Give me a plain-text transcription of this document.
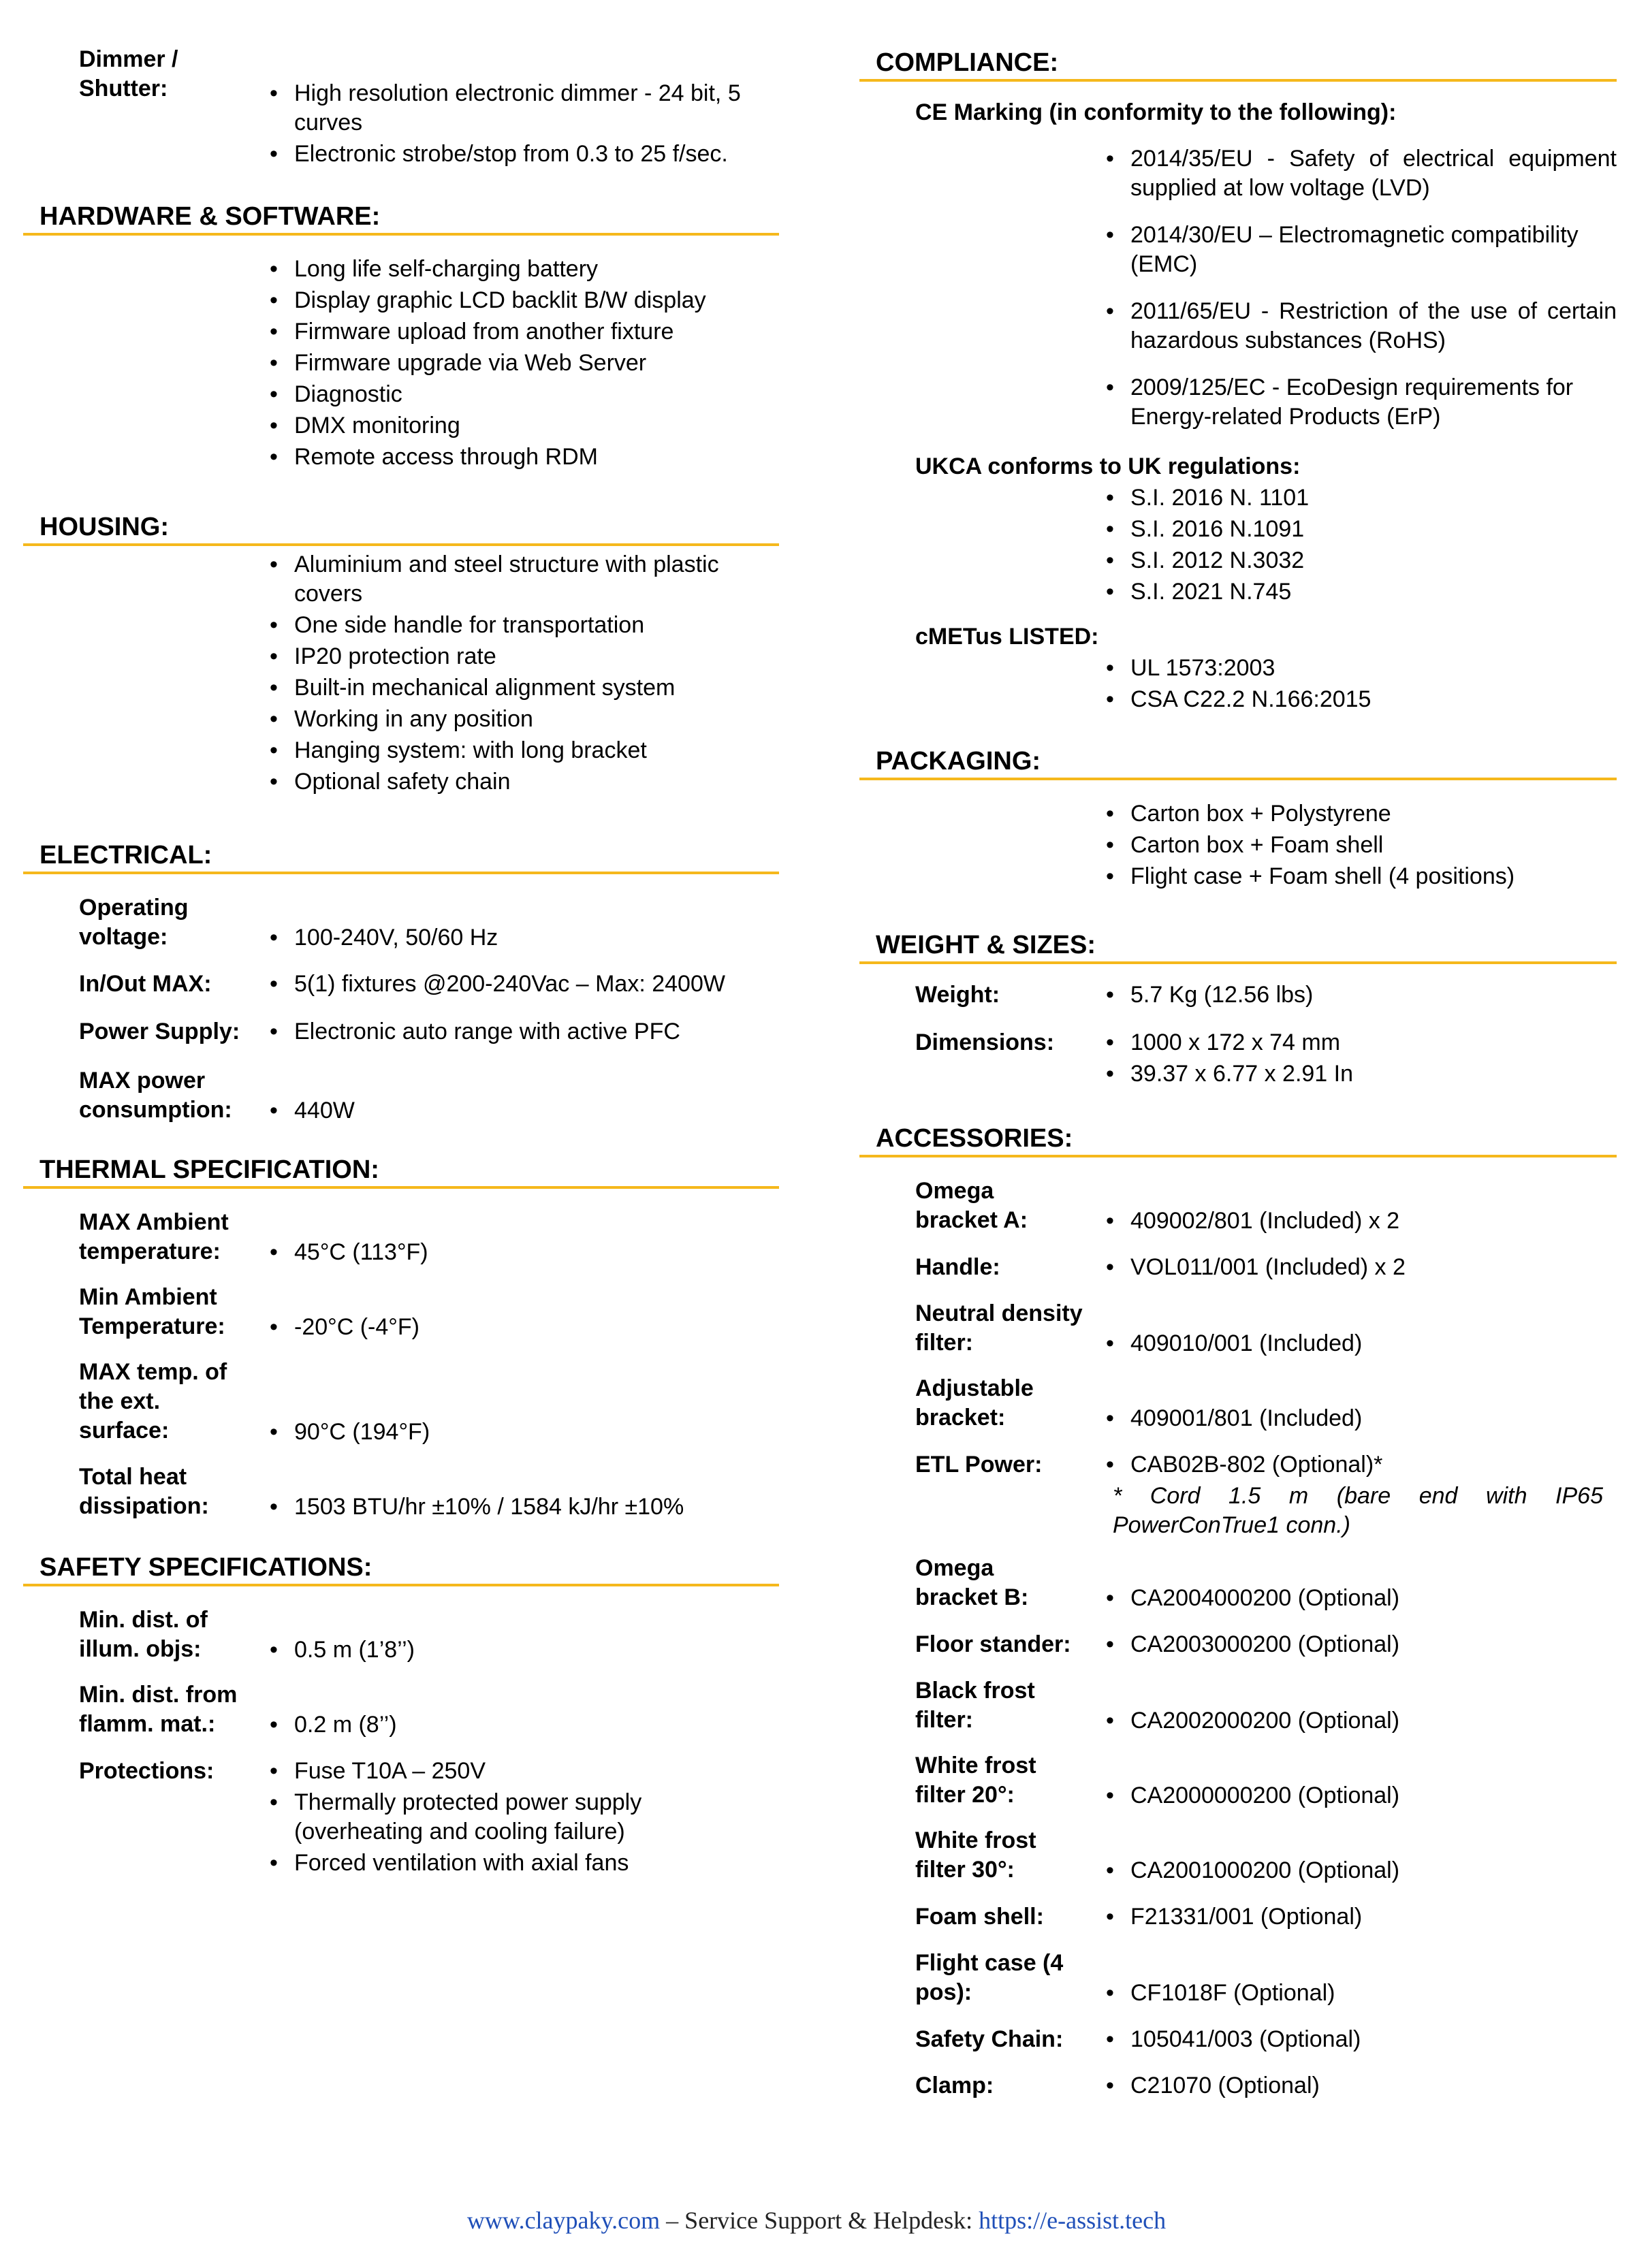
Dimmer /
Shutter:	• High resolution electronic dimmer - 24 bit, 5 curves
• Electronic strobe/stop from 0.3 to 25 f/sec.
HARDWARE & SOFTWARE:
• Long life self-charging battery
• Display graphic LCD backlit B/W display
• Firmware upload from another fixture
• Firmware upgrade via Web Server
• Diagnostic
• DMX monitoring
• Remote access through RDM
HOUSING:
• Aluminium and steel structure with plastic covers
• One side handle for transportation
• IP20 protection rate
• Built-in mechanical alignment system
• Working in any position
• Hanging system: with long bracket
• Optional safety chain
ELECTRICAL:
Operating voltage:	• 100-240V, 50/60 Hz
In/Out MAX:	• 5(1) fixtures @200-240Vac – Max: 2400W
Power Supply:	• Electronic auto range with active PFC
MAX power consumption:	• 440W
THERMAL SPECIFICATION:
MAX Ambient temperature:	• 45°C (113°F)
Min Ambient Temperature:	• -20°C (-4°F)
MAX temp. of the ext. surface:	• 90°C (194°F)
Total heat dissipation:	• 1503 BTU/hr ±10% / 1584 kJ/hr ±10%
SAFETY SPECIFICATIONS:
Min. dist. of illum. objs:	• 0.5 m (1’8’’)
Min. dist. from flamm. mat.:	• 0.2 m (8’’)
Protections:	• Fuse T10A – 250V
• Thermally protected power supply (overheating and cooling failure)
• Forced ventilation with axial fans
COMPLIANCE:
CE Marking (in conformity to the following):
• 2014/35/EU - Safety of electrical equipment supplied at low voltage (LVD)
• 2014/30/EU – Electromagnetic compatibility (EMC)
• 2011/65/EU - Restriction of the use of certain hazardous substances (RoHS)
• 2009/125/EC - EcoDesign requirements for Energy-related Products (ErP)
UKCA conforms to UK regulations:
• S.I. 2016 N. 1101
• S.I. 2016 N.1091
• S.I. 2012 N.3032
• S.I. 2021 N.745
cMETus LISTED:
• UL 1573:2003
• CSA C22.2 N.166:2015
PACKAGING:
• Carton box + Polystyrene
• Carton box + Foam shell
• Flight case + Foam shell (4 positions)
WEIGHT & SIZES:
Weight:	• 5.7 Kg (12.56 lbs)
Dimensions:	• 1000 x 172 x 74 mm
• 39.37 x 6.77 x 2.91 In
ACCESSORIES:
Omega bracket A:	• 409002/801 (Included) x 2
Handle:	• VOL011/001 (Included) x 2
Neutral density filter:	• 409010/001 (Included)
Adjustable bracket:	• 409001/801 (Included)
ETL Power:	• CAB02B-802 (Optional)*
* Cord 1.5 m (bare end with IP65 PowerConTrue1 conn.)
Omega bracket B:	• CA2004000200 (Optional)
Floor stander:	• CA2003000200 (Optional)
Black frost filter:	• CA2002000200 (Optional)
White frost filter 20°:	• CA2000000200 (Optional)
White frost filter 30°:	• CA2001000200 (Optional)
Foam shell:	• F21331/001 (Optional)
Flight case (4 pos):	• CF1018F (Optional)
Safety Chain:	• 105041/003 (Optional)
Clamp:	• C21070 (Optional)
www.claypaky.com – Service Support & Helpdesk: https://e-assist.tech
